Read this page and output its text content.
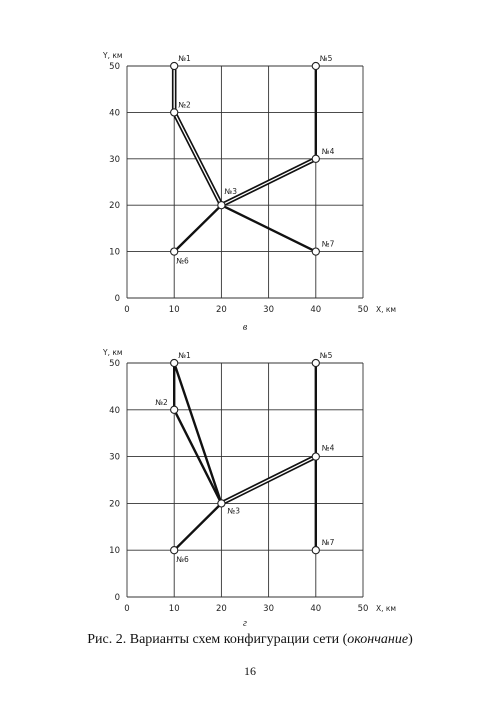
0	10	20	30	40	50
0
10
20
30
40
50
X, км
Y, км
в
№1
№2
№3
№4
№5
№6
№7
0	10	20	30	40	50
0
10
20
30
40
50
X, км
Y, км
г
№1
№2
№3
№4
№5
№6
№7
Рис. 2. Варианты схем конфигурации сети (окончание)
16
